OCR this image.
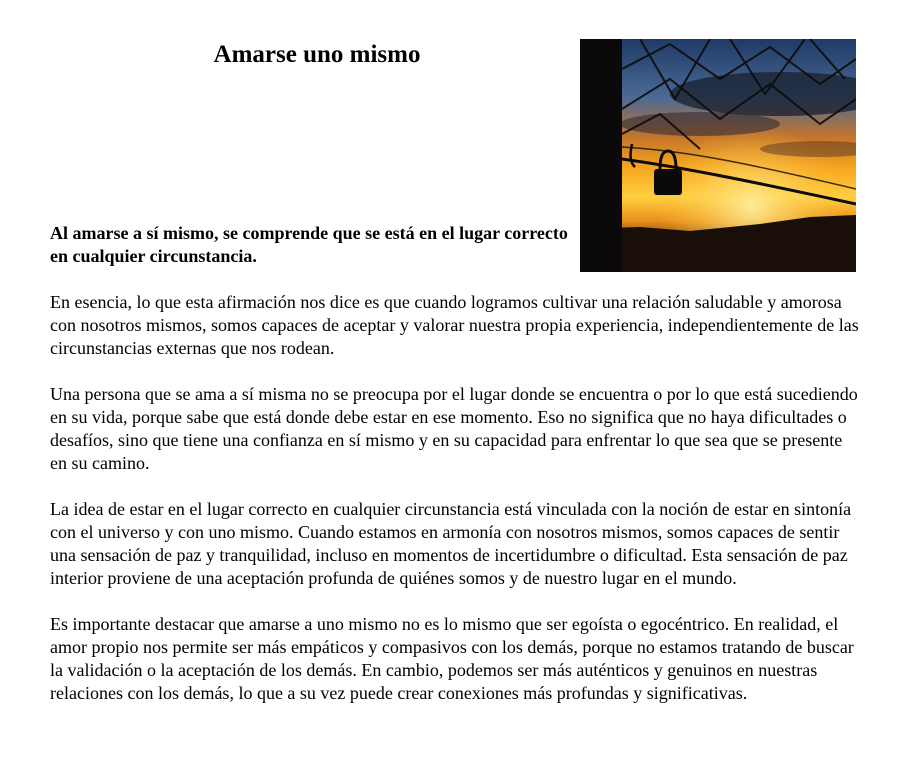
Amarse uno mismo

Al amarse a sí mismo, se comprende que se está en el lugar correcto en cualquier circunstancia.

En esencia, lo que esta afirmación nos dice es que cuando logramos cultivar una relación saludable y amorosa con nosotros mismos, somos capaces de aceptar y valorar nuestra propia experiencia, independientemente de las circunstancias externas que nos rodean.

Una persona que se ama a sí misma no se preocupa por el lugar donde se encuentra o por lo que está sucediendo en su vida, porque sabe que está donde debe estar en ese momento. Eso no significa que no haya dificultades o desafíos, sino que tiene una confianza en sí mismo y en su capacidad para enfrentar lo que sea que se presente en su camino.

La idea de estar en el lugar correcto en cualquier circunstancia está vinculada con la noción de estar en sintonía con el universo y con uno mismo. Cuando estamos en armonía con nosotros mismos, somos capaces de sentir una sensación de paz y tranquilidad, incluso en momentos de incertidumbre o dificultad. Esta sensación de paz interior proviene de una aceptación profunda de quiénes somos y de nuestro lugar en el mundo.

Es importante destacar que amarse a uno mismo no es lo mismo que ser egoísta o egocéntrico. En realidad, el amor propio nos permite ser más empáticos y compasivos con los demás, porque no estamos tratando de buscar la validación o la aceptación de los demás. En cambio, podemos ser más auténticos y genuinos en nuestras relaciones con los demás, lo que a su vez puede crear conexiones más profundas y significativas.
